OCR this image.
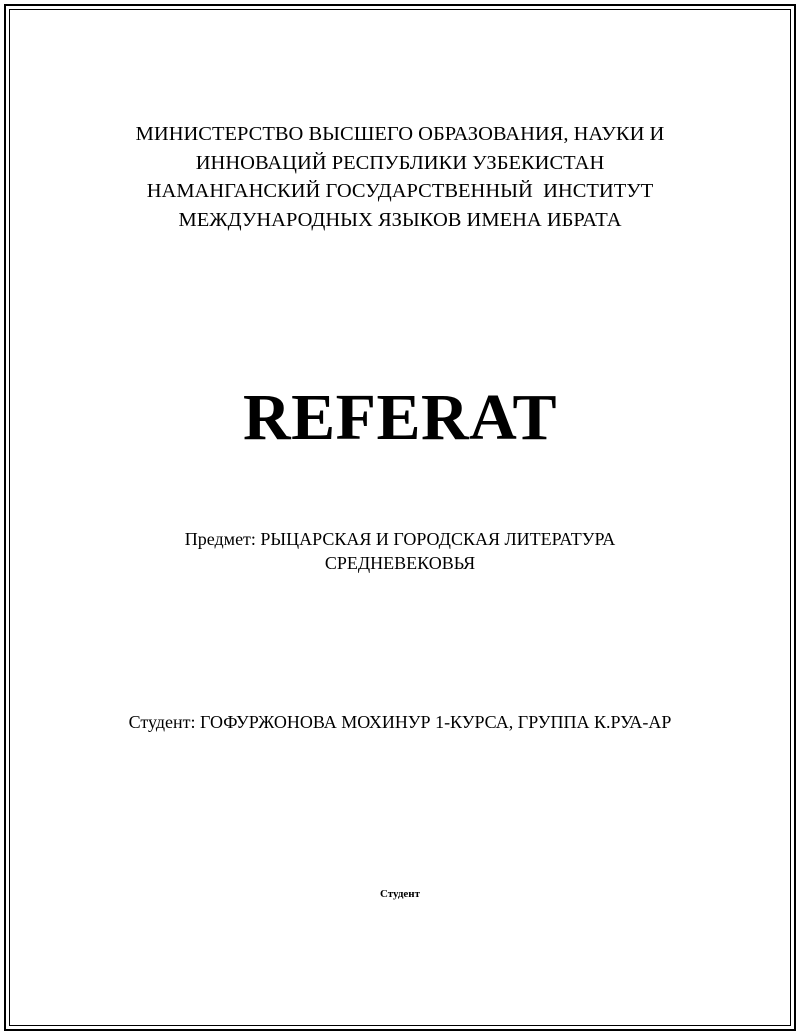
МИНИСТЕРСТВО ВЫСШЕГО ОБРАЗОВАНИЯ, НАУКИ И
ИННОВАЦИЙ РЕСПУБЛИКИ УЗБЕКИСТАН
НАМАНГАНСКИЙ ГОСУДАРСТВЕННЫЙ  ИНСТИТУТ
МЕЖДУНАРОДНЫХ ЯЗЫКОВ ИМЕНА ИБРАТА
REFERAT
Предмет: РЫЦАРСКАЯ И ГОРОДСКАЯ ЛИТЕРАТУРА
СРЕДНЕВЕКОВЬЯ
Студент: ГОФУРЖОНОВА МОХИНУР 1-КУРСА, ГРУППА К.РУА-АР
Студент
